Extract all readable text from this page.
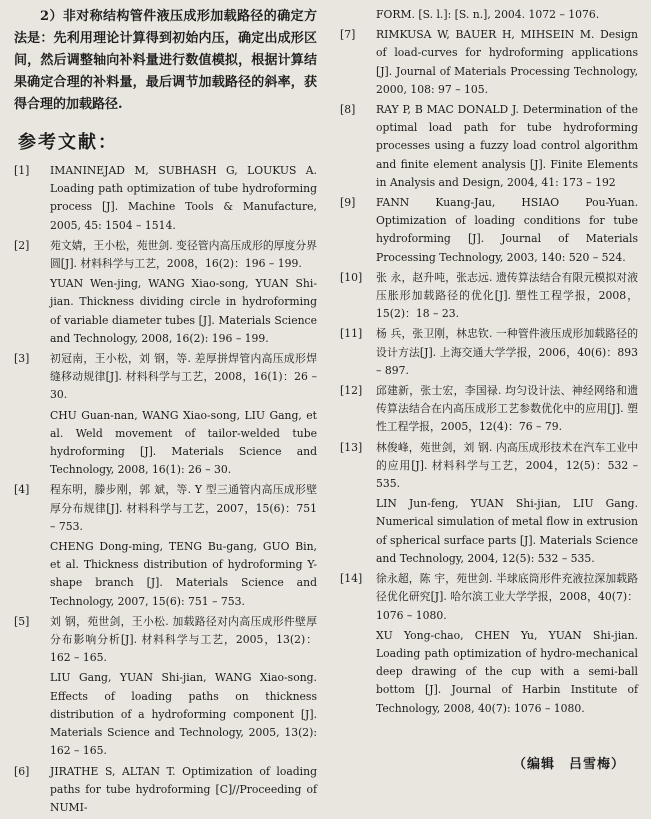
2）非对称结构管件液压成形加载路径的确定方法是：先利用理论计算得到初始内压，确定出成形区间，然后调整轴向补料量进行数值模拟，根据计算结果确定合理的补料量，最后调节加载路径的斜率，获得合理的加载路径.

参考文献：
[1]	IMANINEJAD M, SUBHASH G, LOUKUS A. Loading path optimization of tube hydroforming process [J]. Machine Tools & Manufacture, 2005, 45: 1504 – 1514.

[2]	苑文婧，王小松，苑世剑. 变径管内高压成形的厚度分界圆[J]. 材料科学与工艺，2008，16(2)：196 – 199.

YUAN Wen-jing, WANG Xiao-song, YUAN Shi-jian. Thickness dividing circle in hydroforming of variable diameter tubes [J]. Materials Science and Technology, 2008, 16(2): 196 – 199.

[3]	初冠南，王小松，刘 钢，等. 差厚拼焊管内高压成形焊缝移动规律[J]. 材料科学与工艺，2008，16(1)：26 – 30.

CHU Guan-nan, WANG Xiao-song, LIU Gang, et al. Weld movement of tailor-welded tube hydroforming [J]. Materials Science and Technology, 2008, 16(1): 26 – 30.

[4]	程东明，滕步刚，郭 斌，等. Y 型三通管内高压成形壁厚分布规律[J]. 材料科学与工艺，2007，15(6)：751 – 753.

CHENG Dong-ming, TENG Bu-gang, GUO Bin, et al. Thickness distribution of hydroforming Y-shape branch [J]. Materials Science and Technology, 2007, 15(6): 751 – 753.

[5]	刘 钢，苑世剑，王小松. 加载路径对内高压成形件壁厚分布影响分析[J]. 材料科学与工艺，2005，13(2)：162 – 165.

LIU Gang, YUAN Shi-jian, WANG Xiao-song. Effects of loading paths on thickness distribution of a hydroforming component [J]. Materials Science and Technology, 2005, 13(2): 162 – 165.

[6]	JIRATHE S, ALTAN T. Optimization of loading paths for tube hydroforming [C]//Proceeding of NUMI-

FORM. [S. l.]: [S. n.], 2004. 1072 – 1076.

[7]	RIMKUSA W, BAUER H, MIHSEIN M. Design of load-curves for hydroforming applications [J]. Journal of Materials Processing Technology, 2000, 108: 97 – 105.

[8]	RAY P, B MAC DONALD J. Determination of the optimal load path for tube hydroforming processes using a fuzzy load control algorithm and finite element analysis [J]. Finite Elements in Analysis and Design, 2004, 41: 173 – 192

[9]	FANN Kuang-Jau, HSIAO Pou-Yuan. Optimization of loading conditions for tube hydroforming [J]. Journal of Materials Processing Technology, 2003, 140: 520 – 524.

[10]	张 永，赵升吨，张志远. 遗传算法结合有限元模拟对液压胀形加载路径的优化[J]. 塑性工程学报，2008，15(2)：18 – 23.

[11]	杨 兵，张卫刚，林忠钦. 一种管件液压成形加载路径的设计方法[J]. 上海交通大学学报，2006，40(6)：893 – 897.

[12]	邱建新，张士宏，李国禄. 均匀设计法、神经网络和遗传算法结合在内高压成形工艺参数优化中的应用[J]. 塑性工程学报，2005，12(4)：76 – 79.

[13]	林俊峰，苑世剑，刘 钢. 内高压成形技术在汽车工业中的应用[J]. 材料科学与工艺，2004，12(5)：532 – 535.

LIN Jun-feng, YUAN Shi-jian, LIU Gang. Numerical simulation of metal flow in extrusion of spherical surface parts [J]. Materials Science and Technology, 2004, 12(5): 532 – 535.

[14]	徐永超，陈 宇，苑世剑. 半球底筒形件充液拉深加载路径优化研究[J]. 哈尔滨工业大学学报，2008，40(7)：1076 – 1080.

XU Yong-chao, CHEN Yu, YUAN Shi-jian. Loading path optimization of hydro-mechanical deep drawing of the cup with a semi-ball bottom [J]. Journal of Harbin Institute of Technology, 2008, 40(7): 1076 – 1080.

（编辑　吕雪梅）
